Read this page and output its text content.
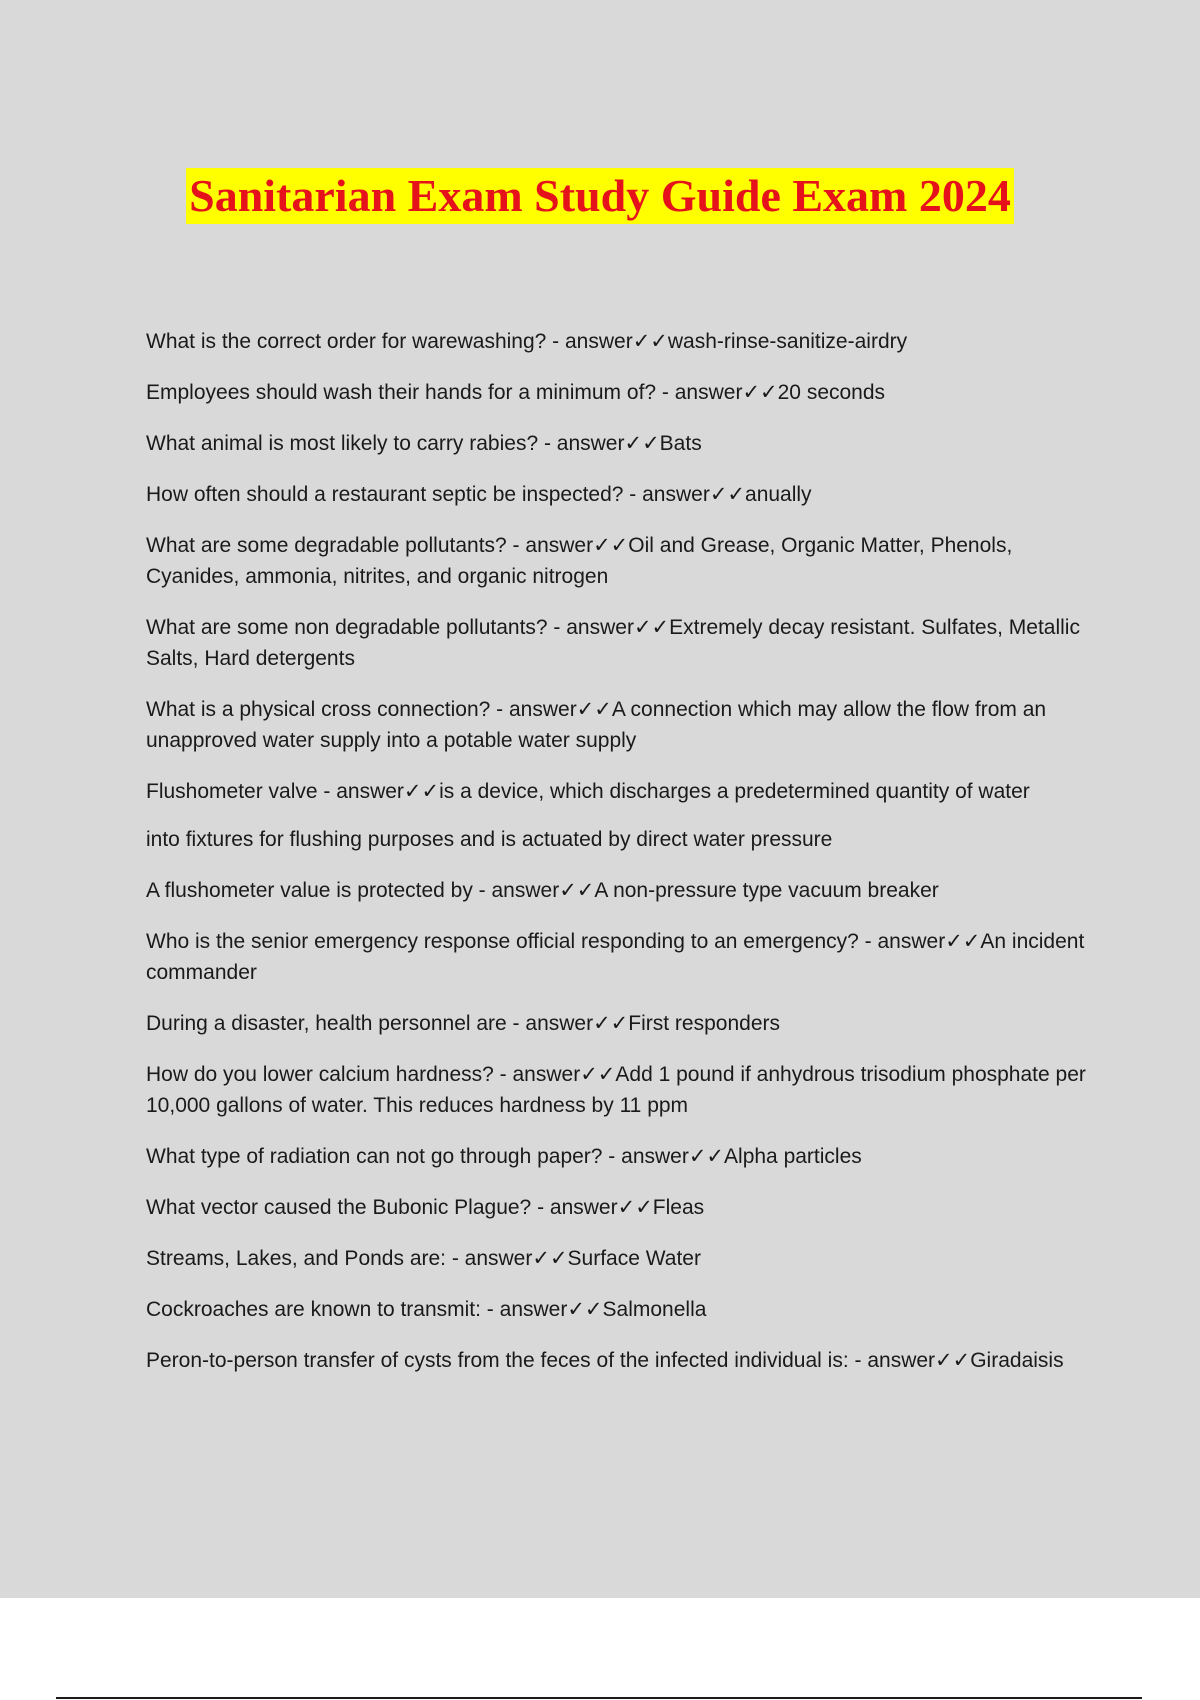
Sanitarian Exam Study Guide Exam 2024

What is the correct order for warewashing? - answer✓✓wash-rinse-sanitize-airdry

Employees should wash their hands for a minimum of? - answer✓✓20 seconds

What animal is most likely to carry rabies? - answer✓✓Bats

How often should a restaurant septic be inspected? - answer✓✓anually

What are some degradable pollutants? - answer✓✓Oil and Grease, Organic Matter, Phenols, Cyanides, ammonia, nitrites, and organic nitrogen

What are some non degradable pollutants? - answer✓✓Extremely decay resistant. Sulfates, Metallic Salts, Hard detergents

What is a physical cross connection? - answer✓✓A connection which may allow the flow from an unapproved water supply into a potable water supply

Flushometer valve - answer✓✓is a device, which discharges a predetermined quantity of water

into fixtures for flushing purposes and is actuated by direct water pressure

A flushometer value is protected by - answer✓✓A non-pressure type vacuum breaker

Who is the senior emergency response official responding to an emergency? - answer✓✓An incident commander

During a disaster, health personnel are - answer✓✓First responders

How do you lower calcium hardness? - answer✓✓Add 1 pound if anhydrous trisodium phosphate per 10,000 gallons of water. This reduces hardness by 11 ppm

What type of radiation can not go through paper? - answer✓✓Alpha particles

What vector caused the Bubonic Plague? - answer✓✓Fleas

Streams, Lakes, and Ponds are: - answer✓✓Surface Water

Cockroaches are known to transmit: - answer✓✓Salmonella

Peron-to-person transfer of cysts from the feces of the infected individual is: - answer✓✓Giradaisis
